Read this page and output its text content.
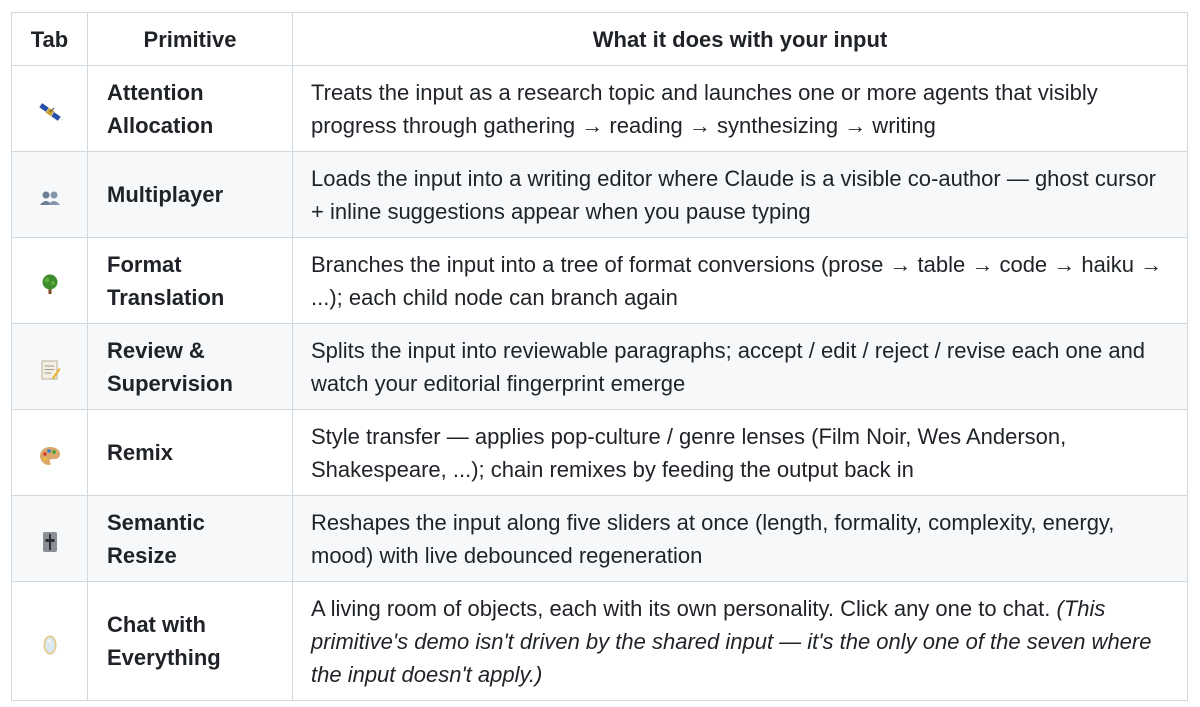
Tab	Primitive	What it does with your input
	Attention Allocation	Treats the input as a research topic and launches one or more agents that visibly progress through gathering → reading → synthesizing → writing
	Multiplayer	Loads the input into a writing editor where Claude is a visible co-author — ghost cursor + inline suggestions appear when you pause typing
	Format Translation	Branches the input into a tree of format conversions (prose → table → code → haiku → ...); each child node can branch again
	Review & Supervision	Splits the input into reviewable paragraphs; accept / edit / reject / revise each one and watch your editorial fingerprint emerge
	Remix	Style transfer — applies pop-culture / genre lenses (Film Noir, Wes Anderson, Shakespeare, ...); chain remixes by feeding the output back in
	Semantic Resize	Reshapes the input along five sliders at once (length, formality, complexity, energy, mood) with live debounced regeneration
	Chat with Everything	A living room of objects, each with its own personality. Click any one to chat. (This primitive's demo isn't driven by the shared input — it's the only one of the seven where the input doesn't apply.)
